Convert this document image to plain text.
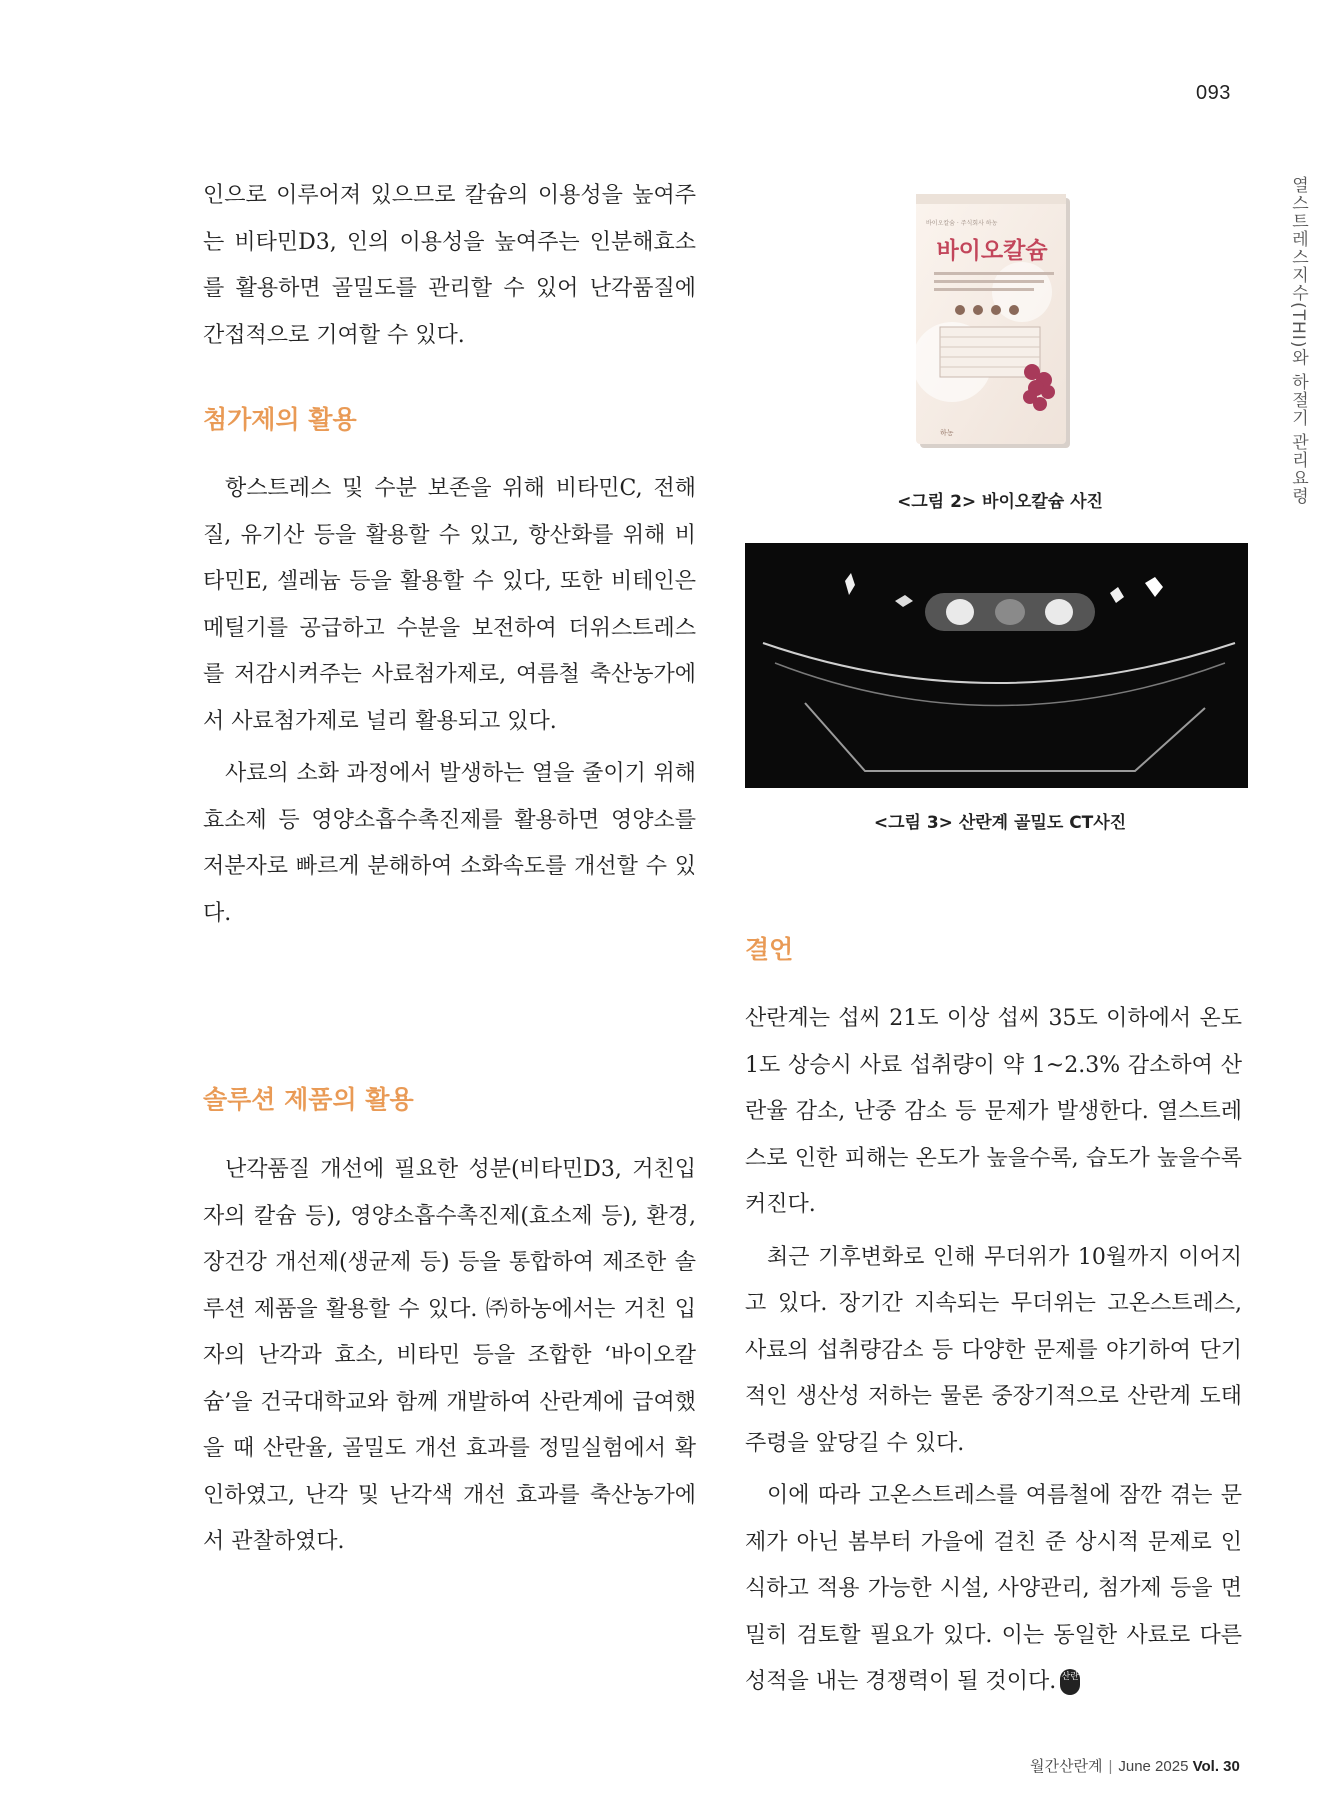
093
열스트레스지수(THI)와 하절기 관리요령

인으로 이루어져 있으므로 칼슘의 이용성을 높여주는 비타민D3, 인의 이용성을 높여주는 인분해효소를 활용하면 골밀도를 관리할 수 있어 난각품질에 간접적으로 기여할 수 있다.

첨가제의 활용

항스트레스 및 수분 보존을 위해 비타민C, 전해질, 유기산 등을 활용할 수 있고, 항산화를 위해 비타민E, 셀레늄 등을 활용할 수 있다, 또한 비테인은 메틸기를 공급하고 수분을 보전하여 더위스트레스를 저감시켜주는 사료첨가제로, 여름철 축산농가에서 사료첨가제로 널리 활용되고 있다.

사료의 소화 과정에서 발생하는 열을 줄이기 위해 효소제 등 영양소흡수촉진제를 활용하면 영양소를 저분자로 빠르게 분해하여 소화속도를 개선할 수 있다.

솔루션 제품의 활용

난각품질 개선에 필요한 성분(비타민D3, 거친입자의 칼슘 등), 영양소흡수촉진제(효소제 등), 환경, 장건강 개선제(생균제 등) 등을 통합하여 제조한 솔루션 제품을 활용할 수 있다. ㈜하농에서는 거친 입자의 난각과 효소, 비타민 등을 조합한 ‘바이오칼슘’을 건국대학교와 함께 개발하여 산란계에 급여했을 때 산란율, 골밀도 개선 효과를 정밀실험에서 확인하였고, 난각 및 난각색 개선 효과를 축산농가에서 관찰하였다.

바이오칼슘 · 주식회사 하농
바이오칼슘
하농
<그림 2> 바이오칼슘 사진
<그림 3> 산란계 골밀도 CT사진
결언

산란계는 섭씨 21도 이상 섭씨 35도 이하에서 온도 1도 상승시 사료 섭취량이 약 1~2.3% 감소하여 산란율 감소, 난중 감소 등 문제가 발생한다. 열스트레스로 인한 피해는 온도가 높을수록, 습도가 높을수록 커진다.

최근 기후변화로 인해 무더위가 10월까지 이어지고 있다. 장기간 지속되는 무더위는 고온스트레스, 사료의 섭취량감소 등 다양한 문제를 야기하여 단기적인 생산성 저하는 물론 중장기적으로 산란계 도태 주령을 앞당길 수 있다.

이에 따라 고온스트레스를 여름철에 잠깐 겪는 문제가 아닌 봄부터 가을에 걸친 준 상시적 문제로 인식하고 적용 가능한 시설, 사양관리, 첨가제 등을 면밀히 검토할 필요가 있다. 이는 동일한 사료로 다른 성적을 내는 경쟁력이 될 것이다. 산란

월간산란계 | June 2025 Vol. 30
